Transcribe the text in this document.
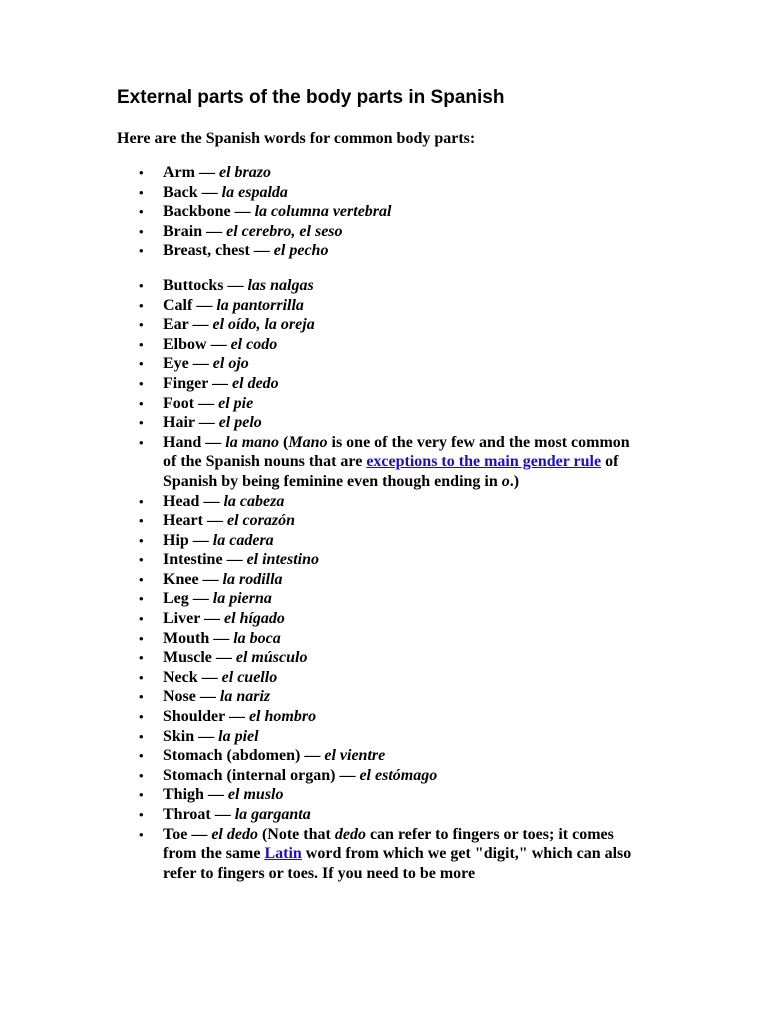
External parts of the body parts in Spanish
Here are the Spanish words for common body parts:
• Arm — el brazo
• Back — la espalda
• Backbone — la columna vertebral
• Brain — el cerebro, el seso
• Breast, chest — el pecho
• Buttocks — las nalgas
• Calf — la pantorrilla
• Ear — el oído, la oreja
• Elbow — el codo
• Eye — el ojo
• Finger — el dedo
• Foot — el pie
• Hair — el pelo
• Hand — la mano (Mano is one of the very few and the most common of the Spanish nouns that are exceptions to the main gender rule of Spanish by being feminine even though ending in o.)
• Head — la cabeza
• Heart — el corazón
• Hip — la cadera
• Intestine — el intestino
• Knee — la rodilla
• Leg — la pierna
• Liver — el hígado
• Mouth — la boca
• Muscle — el músculo
• Neck — el cuello
• Nose — la nariz
• Shoulder — el hombro
• Skin — la piel
• Stomach (abdomen) — el vientre
• Stomach (internal organ) — el estómago
• Thigh — el muslo
• Throat — la garganta
• Toe — el dedo (Note that dedo can refer to fingers or toes; it comes from the same Latin word from which we get "digit," which can also refer to fingers or toes. If you need to be more
